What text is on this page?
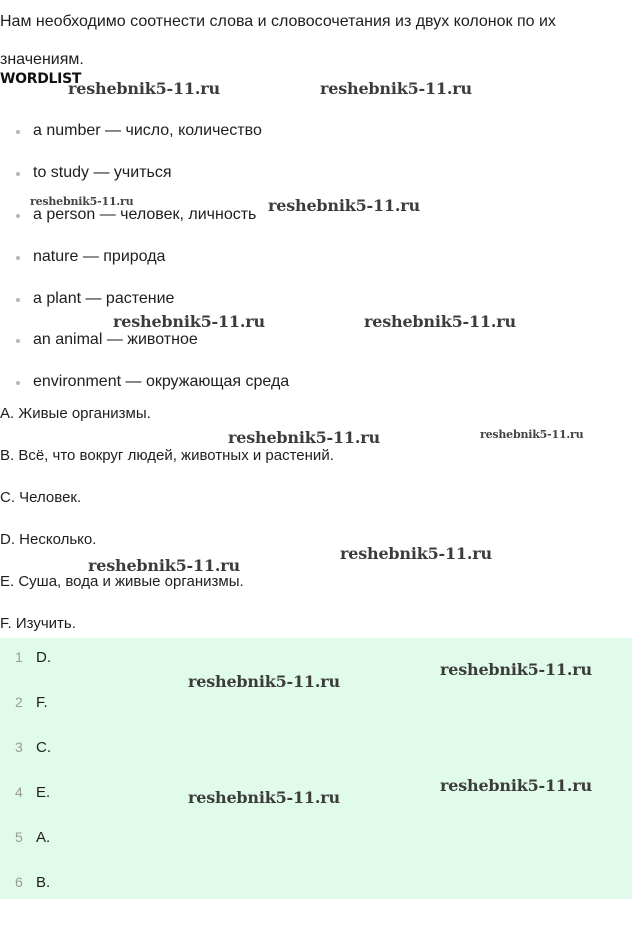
Нам необходимо соотнести слова и словосочетания из двух колонок по их значениям.

WORDLIST
a number — число, количество
to study — учиться
a person — человек, личность
nature — природа
a plant — растение
an animal — животное
environment — окружающая среда

A. Живые организмы.

B. Всё, что вокруг людей, животных и растений.

C. Человек.

D. Несколько.

E. Суша, вода и живые организмы.

F. Изучить.

1 D.
2 F.
3 C.
4 E.
5 A.
6 B.
reshebnik5-11.ru	reshebnik5-11.ru
reshebnik5-11.ru	reshebnik5-11.ru
reshebnik5-11.ru	reshebnik5-11.ru
reshebnik5-11.ru	reshebnik5-11.ru
reshebnik5-11.ru
reshebnik5-11.ru
reshebnik5-11.ru
reshebnik5-11.ru
reshebnik5-11.ru
reshebnik5-11.ru
